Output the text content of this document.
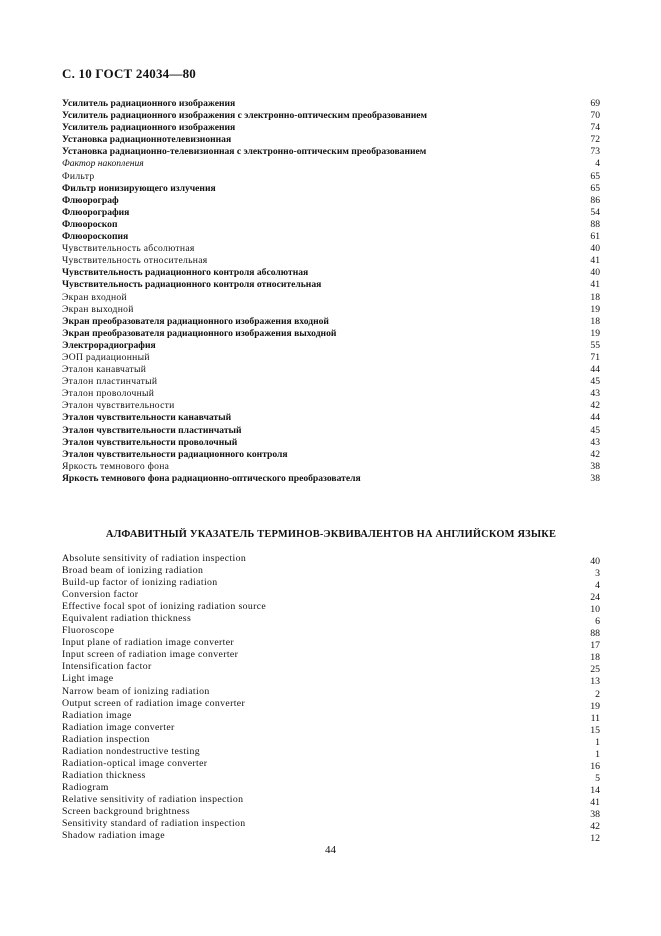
С. 10 ГОСТ 24034—80
Усилитель радиационного изображения	69
Усилитель радиационного изображения с электронно-оптическим преобразованием	70
Усилитель радиационного изображения	74
Установка радиационнотелевизионная	72
Установка радиационно-телевизионная с электронно-оптическим преобразованием	73
Фактор накопления	4
Фильтр	65
Фильтр ионизирующего излучения	65
Флюорограф	86
Флюорография	54
Флюороскоп	88
Флюороскопия	61
Чувствительность абсолютная	40
Чувствительность относительная	41
Чувствительность радиационного контроля абсолютная	40
Чувствительность радиационного контроля относительная	41
Экран входной	18
Экран выходной	19
Экран преобразователя радиационного изображения входной	18
Экран преобразователя радиационного изображения выходной	19
Электрорадиография	55
ЭОП радиационный	71
Эталон канавчатый	44
Эталон пластинчатый	45
Эталон проволочный	43
Эталон чувствительности	42
Эталон чувствительности канавчатый	44
Эталон чувствительности пластинчатый	45
Эталон чувствительности проволочный	43
Эталон чувствительности радиационного контроля	42
Яркость темнового фона	38
Яркость темнового фона радиационно-оптического преобразователя	38
АЛФАВИТНЫЙ УКАЗАТЕЛЬ ТЕРМИНОВ-ЭКВИВАЛЕНТОВ НА АНГЛИЙСКОМ ЯЗЫКЕ
Absolute sensitivity of radiation inspection	40
Broad beam of ionizing radiation	3
Build-up factor of ionizing radiation	4
Conversion factor	24
Effective focal spot of ionizing radiation source	10
Equivalent radiation thickness	6
Fluoroscope	88
Input plane of radiation image converter	17
Input screen of radiation image converter	18
Intensification factor	25
Light image	13
Narrow beam of ionizing radiation	2
Output screen of radiation image converter	19
Radiation image	11
Radiation image converter	15
Radiation inspection	1
Radiation nondestructive testing	1
Radiation-optical image converter	16
Radiation thickness	5
Radiogram	14
Relative sensitivity of radiation inspection	41
Screen background brightness	38
Sensitivity standard of radiation inspection	42
Shadow radiation image	12
44
